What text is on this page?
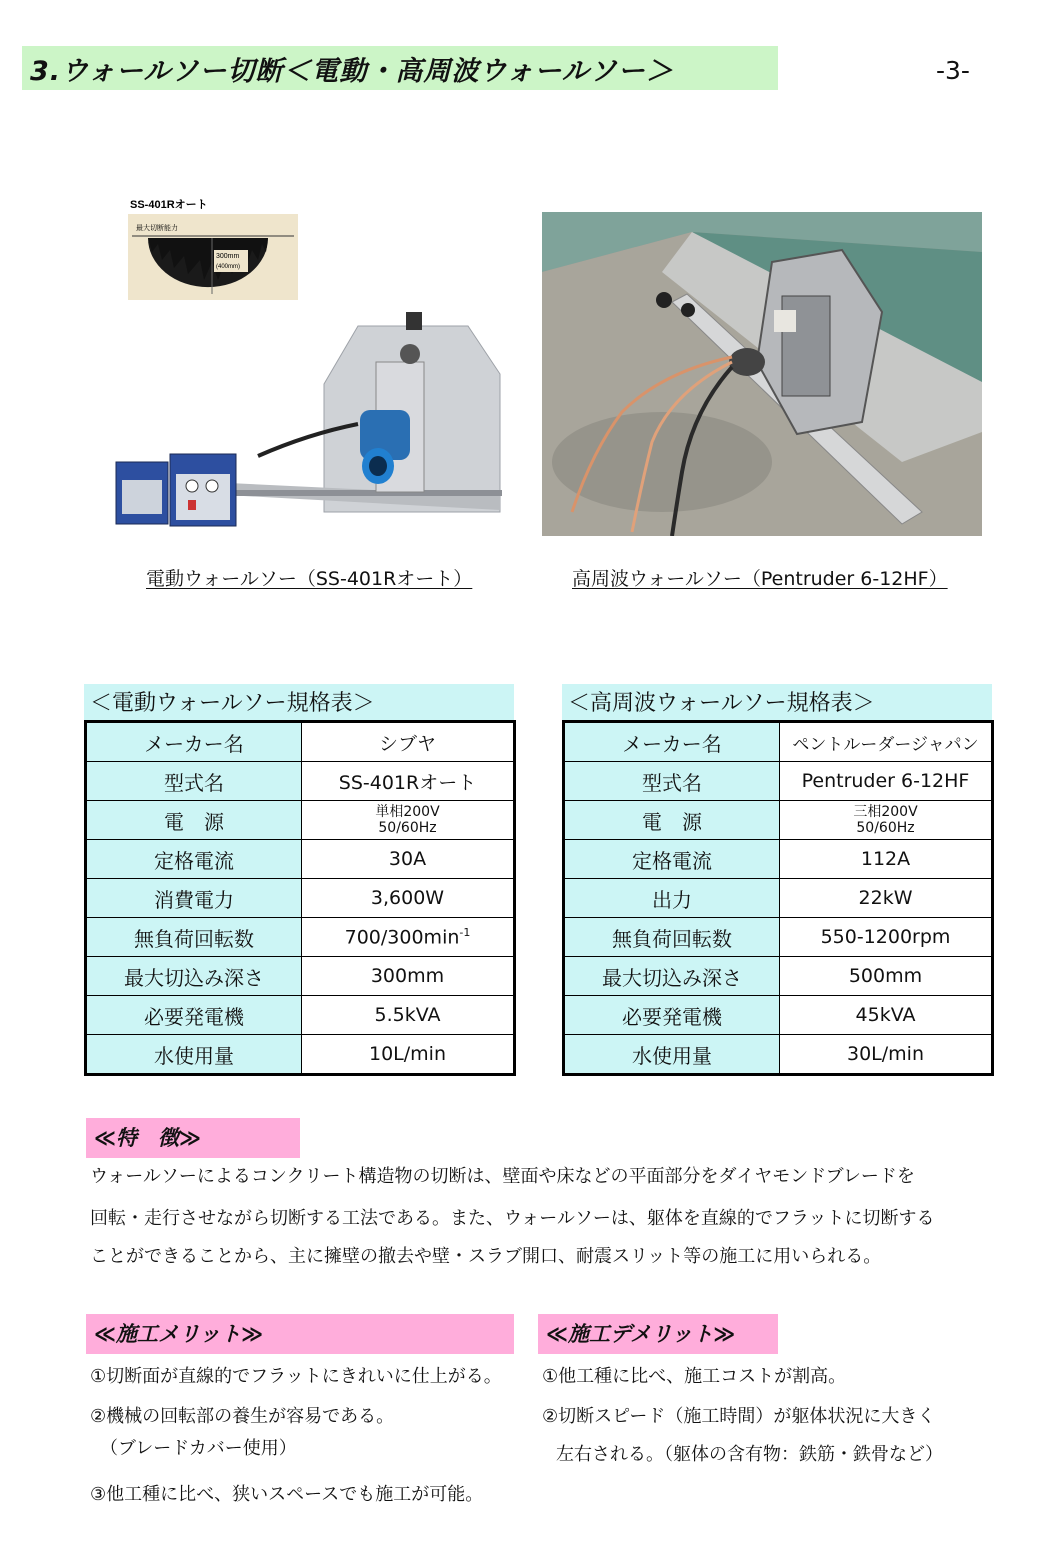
3.ウォールソー切断＜電動・高周波ウォールソー＞	-3-
SS-401Rオート
最大切断能力
300mm
(400mm)
電動ウォールソー（SS-401Rオート）	高周波ウォールソー（Pentruder 6-12HF）
＜電動ウォールソー規格表＞
メーカー名	シブヤ
型式名	SS-401Rオート
電　源	単相200V
50/60Hz

定格電流	30A
消費電力	3,600W
無負荷回転数	$700/300\min^{-1}$
最大切込み深さ	300mm
必要発電機	5.5kVA
水使用量	10L/min
＜高周波ウォールソー規格表＞
メーカー名	ペントルーダージャパン
型式名	Pentruder 6-12HF
電　源	三相200V
50/60Hz

定格電流	112A
出力	22kW
無負荷回転数	550-1200rpm
最大切込み深さ	500mm
必要発電機	45kVA
水使用量	30L/min
≪特　徴≫
ウォールソーによるコンクリート構造物の切断は、壁面や床などの平面部分をダイヤモンドブレードを
回転・走行させながら切断する工法である。また、ウォールソーは、躯体を直線的でフラットに切断する
ことができることから、主に擁壁の撤去や壁・スラブ開口、耐震スリット等の施工に用いられる。
≪施工メリット≫
①切断面が直線的でフラットにきれいに仕上がる。
②機械の回転部の養生が容易である。
（ブレードカバー使用）
③他工種に比べ、狭いスペースでも施工が可能。
≪施工デメリット≫
①他工種に比べ、施工コストが割高。
②切断スピード（施工時間）が躯体状況に大きく
左右される。（躯体の含有物：鉄筋・鉄骨など）
